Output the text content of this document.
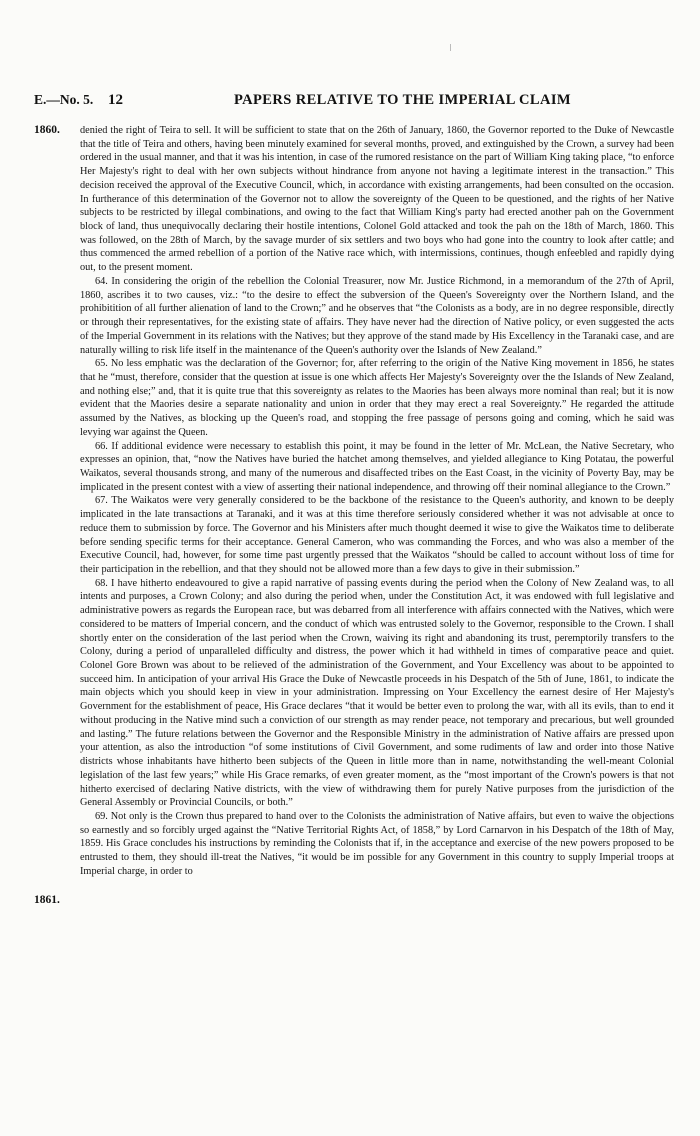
E.—No. 5. 12	PAPERS RELATIVE TO THE IMPERIAL CLAIM
1860.
1861.

denied the right of Teira to sell. It will be sufficient to state that on the 26th of January, 1860, the Governor reported to the Duke of Newcastle that the title of Teira and others, having been minutely examined for several months, proved, and extinguished by the Crown, a survey had been ordered in the usual manner, and that it was his intention, in case of the rumored resistance on the part of William King taking place, “to enforce Her Majesty's right to deal with her own subjects without hindrance from anyone not having a legitimate interest in the transaction.” This decision received the approval of the Executive Council, which, in accordance with existing arrangements, had been consulted on the occasion. In furtherance of this determination of the Governor not to allow the sovereignty of the Queen to be questioned, and the rights of her Native subjects to be restricted by illegal combinations, and owing to the fact that William King's party had erected another pah on the Government block of land, thus unequivocally declaring their hostile intentions, Colonel Gold attacked and took the pah on the 18th of March, 1860. This was followed, on the 28th of March, by the savage murder of six settlers and two boys who had gone into the country to look after cattle; and thus commenced the armed rebellion of a portion of the Native race which, with intermissions, continues, though enfeebled and rapidly dying out, to the present moment.

64. In considering the origin of the rebellion the Colonial Treasurer, now Mr. Justice Richmond, in a memorandum of the 27th of April, 1860, ascribes it to two causes, viz.: “to the desire to effect the subversion of the Queen's Sovereignty over the Northern Island, and the prohibitition of all further alienation of land to the Crown;” and he observes that “the Colonists as a body, are in no degree responsible, directly or through their representatives, for the existing state of affairs. They have never had the direction of Native policy, or even suggested the acts of the Imperial Government in its relations with the Natives; but they approve of the stand made by His Excellency in the Taranaki case, and are naturally willing to risk life itself in the maintenance of the Queen's authority over the Islands of New Zealand.”

65. No less emphatic was the declaration of the Governor; for, after referring to the origin of the Native King movement in 1856, he states that he “must, therefore, consider that the question at issue is one which affects Her Majesty's Sovereignty over the the Islands of New Zealand, and nothing else;” and, that it is quite true that this sovereignty as relates to the Maories has been always more nominal than real; but it is now evident that the Maories desire a separate nationality and union in order that they may erect a real Sovereignty.” He regarded the attitude assumed by the Natives, as blocking up the Queen's road, and stopping the free passage of persons going and coming, which he said was levying war against the Queen.

66. If additional evidence were necessary to establish this point, it may be found in the letter of Mr. McLean, the Native Secretary, who expresses an opinion, that, “now the Natives have buried the hatchet among themselves, and yielded allegiance to King Potatau, the powerful Waikatos, several thousands strong, and many of the numerous and disaffected tribes on the East Coast, in the vicinity of Poverty Bay, may be implicated in the present contest with a view of asserting their national independence, and throwing off their nominal allegiance to the Crown.”

67. The Waikatos were very generally considered to be the backbone of the resistance to the Queen's authority, and known to be deeply implicated in the late transactions at Taranaki, and it was at this time therefore seriously considered whether it was not advisable at once to reduce them to submission by force. The Governor and his Ministers after much thought deemed it wise to give the Waikatos time to deliberate before sending specific terms for their acceptance. General Cameron, who was commanding the Forces, and who was also a member of the Executive Council, had, however, for some time past urgently pressed that the Waikatos “should be called to account without loss of time for their participation in the rebellion, and that they should not be allowed more than a few days to give in their submission.”

68. I have hitherto endeavoured to give a rapid narrative of passing events during the period when the Colony of New Zealand was, to all intents and purposes, a Crown Colony; and also during the period when, under the Constitution Act, it was endowed with full legislative and administrative powers as regards the European race, but was debarred from all interference with affairs connected with the Natives, which were considered to be matters of Imperial concern, and the conduct of which was entrusted solely to the Governor, responsible to the Crown. I shall shortly enter on the consideration of the last period when the Crown, waiving its right and abandoning its trust, peremptorily transfers to the Colony, during a period of unparalleled difficulty and distress, the power which it had withheld in times of comparative peace and quiet. Colonel Gore Brown was about to be relieved of the administration of the Government, and Your Excellency was about to be appointed to succeed him. In anticipation of your arrival His Grace the Duke of Newcastle proceeds in his Despatch of the 5th of June, 1861, to indicate the main objects which you should keep in view in your administration. Impressing on Your Excellency the earnest desire of Her Majesty's Government for the establishment of peace, His Grace declares “that it would be better even to prolong the war, with all its evils, than to end it without producing in the Native mind such a conviction of our strength as may render peace, not temporary and precarious, but well grounded and lasting.” The future relations between the Governor and the Responsible Ministry in the administration of Native affairs are pressed upon your attention, as also the introduction “of some institutions of Civil Government, and some rudiments of law and order into those Native districts whose inhabitants have hitherto been subjects of the Queen in little more than in name, notwithstanding the well-meant Colonial legislation of the last few years;” while His Grace remarks, of even greater moment, as the “most important of the Crown's powers is that not hitherto exercised of declaring Native districts, with the view of withdrawing them for purely Native purposes from the jurisdiction of the General Assembly or Provincial Councils, or both.”

69. Not only is the Crown thus prepared to hand over to the Colonists the administration of Native affairs, but even to waive the objections so earnestly and so forcibly urged against the “Native Territorial Rights Act, of 1858,” by Lord Carnarvon in his Despatch of the 18th of May, 1859. His Grace concludes his instructions by reminding the Colonists that if, in the acceptance and exercise of the new powers proposed to be entrusted to them, they should ill-treat the Natives, “it would be im possible for any Government in this country to supply Imperial troops at Imperial charge, in order to
